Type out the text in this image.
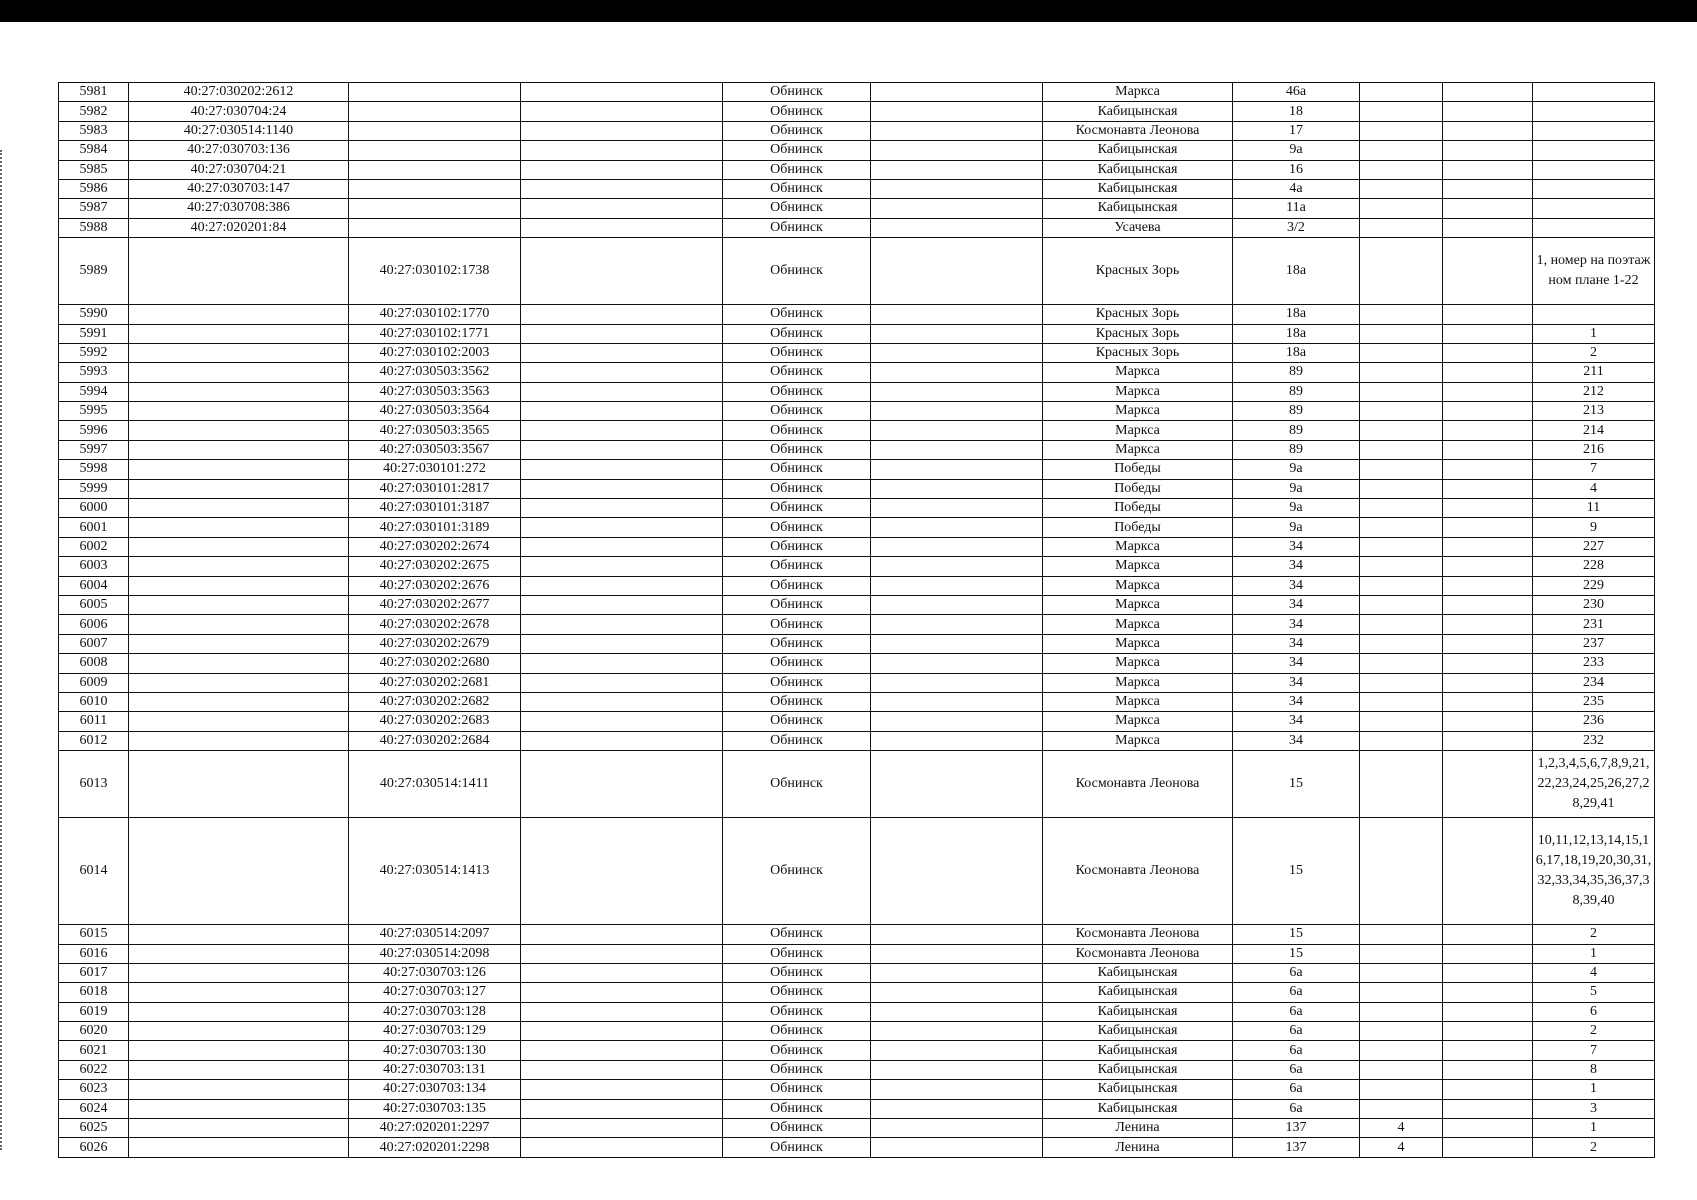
5981	40:27:030202:2612			Обнинск		Маркса	46а			
5982	40:27:030704:24			Обнинск		Кабицынская	18			
5983	40:27:030514:1140			Обнинск		Космонавта Леонова	17			
5984	40:27:030703:136			Обнинск		Кабицынская	9а			
5985	40:27:030704:21			Обнинск		Кабицынская	16			
5986	40:27:030703:147			Обнинск		Кабицынская	4а			
5987	40:27:030708:386			Обнинск		Кабицынская	11а			
5988	40:27:020201:84			Обнинск		Усачева	3/2			
5989		40:27:030102:1738		Обнинск		Красных Зорь	18а			1, номер на поэтажном плане 1-22
5990		40:27:030102:1770		Обнинск		Красных Зорь	18а			
5991		40:27:030102:1771		Обнинск		Красных Зорь	18а			1
5992		40:27:030102:2003		Обнинск		Красных Зорь	18а			2
5993		40:27:030503:3562		Обнинск		Маркса	89			211
5994		40:27:030503:3563		Обнинск		Маркса	89			212
5995		40:27:030503:3564		Обнинск		Маркса	89			213
5996		40:27:030503:3565		Обнинск		Маркса	89			214
5997		40:27:030503:3567		Обнинск		Маркса	89			216
5998		40:27:030101:272		Обнинск		Победы	9а			7
5999		40:27:030101:2817		Обнинск		Победы	9а			4
6000		40:27:030101:3187		Обнинск		Победы	9а			11
6001		40:27:030101:3189		Обнинск		Победы	9а			9
6002		40:27:030202:2674		Обнинск		Маркса	34			227
6003		40:27:030202:2675		Обнинск		Маркса	34			228
6004		40:27:030202:2676		Обнинск		Маркса	34			229
6005		40:27:030202:2677		Обнинск		Маркса	34			230
6006		40:27:030202:2678		Обнинск		Маркса	34			231
6007		40:27:030202:2679		Обнинск		Маркса	34			237
6008		40:27:030202:2680		Обнинск		Маркса	34			233
6009		40:27:030202:2681		Обнинск		Маркса	34			234
6010		40:27:030202:2682		Обнинск		Маркса	34			235
6011		40:27:030202:2683		Обнинск		Маркса	34			236
6012		40:27:030202:2684		Обнинск		Маркса	34			232
6013		40:27:030514:1411		Обнинск		Космонавта Леонова	15			1,2,3,4,5,6,7,8,9,21,22,23,24,25,26,27,28,29,41
6014		40:27:030514:1413		Обнинск		Космонавта Леонова	15			10,11,12,13,14,15,16,17,18,19,20,30,31,32,33,34,35,36,37,38,39,40
6015		40:27:030514:2097		Обнинск		Космонавта Леонова	15			2
6016		40:27:030514:2098		Обнинск		Космонавта Леонова	15			1
6017		40:27:030703:126		Обнинск		Кабицынская	6а			4
6018		40:27:030703:127		Обнинск		Кабицынская	6а			5
6019		40:27:030703:128		Обнинск		Кабицынская	6а			6
6020		40:27:030703:129		Обнинск		Кабицынская	6а			2
6021		40:27:030703:130		Обнинск		Кабицынская	6а			7
6022		40:27:030703:131		Обнинск		Кабицынская	6а			8
6023		40:27:030703:134		Обнинск		Кабицынская	6а			1
6024		40:27:030703:135		Обнинск		Кабицынская	6а			3
6025		40:27:020201:2297		Обнинск		Ленина	137	4		1
6026		40:27:020201:2298		Обнинск		Ленина	137	4		2
